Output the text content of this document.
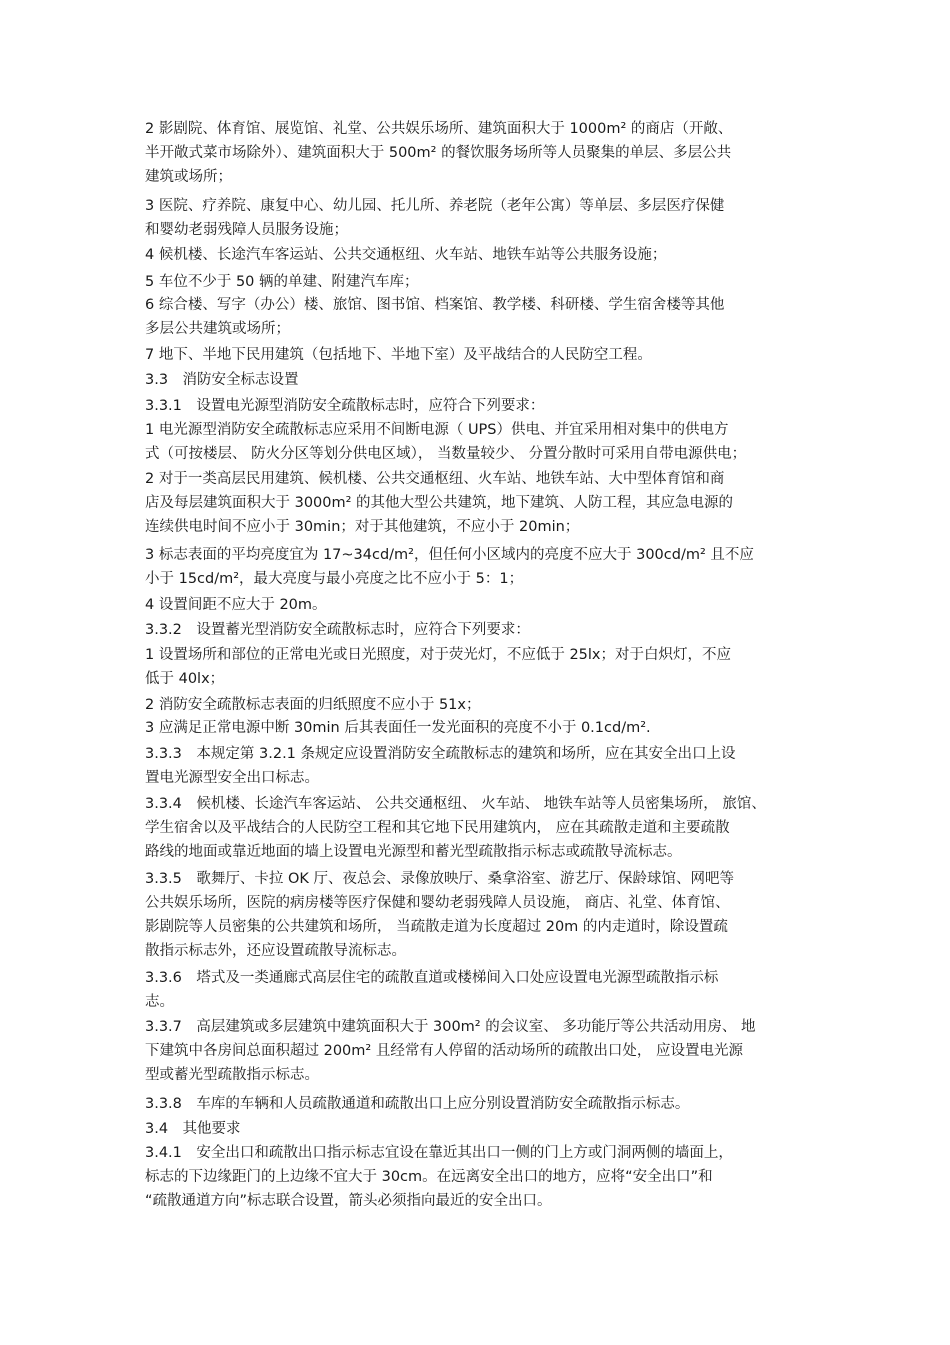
2 影剧院、体育馆、展览馆、礼堂、公共娱乐场所、建筑面积大于 1000m² 的商店（开敞、
半开敞式菜市场除外）、建筑面积大于 500m² 的餐饮服务场所等人员聚集的单层、多层公共
建筑或场所；
3 医院、疗养院、康复中心、幼儿园、托儿所、养老院（老年公寓）等单层、多层医疗保健
和婴幼老弱残障人员服务设施；
4 候机楼、长途汽车客运站、公共交通枢纽、火车站、地铁车站等公共服务设施；
5 车位不少于 50 辆的单建、附建汽车库；
6 综合楼、写字（办公）楼、旅馆、图书馆、档案馆、教学楼、科研楼、学生宿舍楼等其他
多层公共建筑或场所；
7 地下、半地下民用建筑（包括地下、半地下室）及平战结合的人民防空工程。
3.3　消防安全标志设置
3.3.1　设置电光源型消防安全疏散标志时，应符合下列要求：
1 电光源型消防安全疏散标志应采用不间断电源（ UPS）供电、并宜采用相对集中的供电方
式（可按楼层、 防火分区等划分供电区域）， 当数量较少、 分置分散时可采用自带电源供电；
2 对于一类高层民用建筑、候机楼、公共交通枢纽、火车站、地铁车站、大中型体育馆和商
店及每层建筑面积大于 3000m² 的其他大型公共建筑，地下建筑、人防工程，其应急电源的
连续供电时间不应小于 30min；对于其他建筑，不应小于 20min；
3 标志表面的平均亮度宜为 17~34cd/m²，但任何小区域内的亮度不应大于 300cd/m² 且不应
小于 15cd/m²，最大亮度与最小亮度之比不应小于 5：1；
4 设置间距不应大于 20m。
3.3.2　设置蓄光型消防安全疏散标志时，应符合下列要求：
1 设置场所和部位的正常电光或日光照度，对于荧光灯，不应低于 25lx；对于白炽灯，不应
低于 40lx；
2 消防安全疏散标志表面的归纸照度不应小于 51x；
3 应满足正常电源中断 30min 后其表面任一发光面积的亮度不小于 0.1cd/m².
3.3.3　本规定第 3.2.1 条规定应设置消防安全疏散标志的建筑和场所，应在其安全出口上设
置电光源型安全出口标志。
3.3.4　候机楼、长途汽车客运站、 公共交通枢纽、 火车站、 地铁车站等人员密集场所， 旅馆、
学生宿舍以及平战结合的人民防空工程和其它地下民用建筑内， 应在其疏散走道和主要疏散
路线的地面或靠近地面的墙上设置电光源型和蓄光型疏散指示标志或疏散导流标志。
3.3.5　歌舞厅、卡拉 OK 厅、夜总会、录像放映厅、桑拿浴室、游艺厅、保龄球馆、网吧等
公共娱乐场所，医院的病房楼等医疗保健和婴幼老弱残障人员设施， 商店、礼堂、体育馆、
影剧院等人员密集的公共建筑和场所， 当疏散走道为长度超过 20m 的内走道时，除设置疏
散指示标志外，还应设置疏散导流标志。
3.3.6　塔式及一类通廊式高层住宅的疏散直道或楼梯间入口处应设置电光源型疏散指示标
志。
3.3.7　高层建筑或多层建筑中建筑面积大于 300m² 的会议室、 多功能厅等公共活动用房、 地
下建筑中各房间总面积超过 200m² 且经常有人停留的活动场所的疏散出口处， 应设置电光源
型或蓄光型疏散指示标志。
3.3.8　车库的车辆和人员疏散通道和疏散出口上应分别设置消防安全疏散指示标志。
3.4　其他要求
3.4.1　安全出口和疏散出口指示标志宜设在靠近其出口一侧的门上方或门洞两侧的墙面上，
标志的下边缘距门的上边缘不宜大于 30cm。在远离安全出口的地方，应将“安全出口”和
“疏散通道方向”标志联合设置，箭头必须指向最近的安全出口。
